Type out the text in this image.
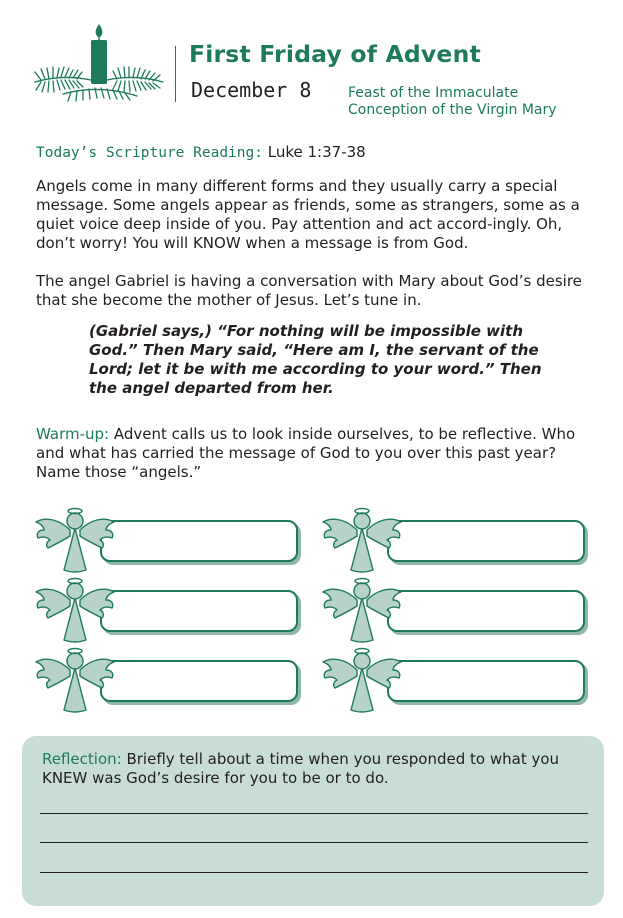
First Friday of Advent
December 8	Feast of the Immaculate Conception of the Virgin Mary
Today’s Scripture Reading: Luke 1:37-38
Angels come in many different forms and they usually carry a special message. Some angels appear as friends, some as strangers, some as a quiet voice deep inside of you. Pay attention and act accord-ingly. Oh, don’t worry! You will KNOW when a message is from God.
The angel Gabriel is having a conversation with Mary about God’s desire that she become the mother of Jesus. Let’s tune in.
(Gabriel says,) “For nothing will be impossible with God.” Then Mary said, “Here am I, the servant of the Lord; let it be with me according to your word.” Then the angel departed from her.
Warm-up: Advent calls us to look inside ourselves, to be reflective. Who and what has carried the message of God to you over this past year? Name those “angels.”
Reflection: Briefly tell about a time when you responded to what you KNEW was God’s desire for you to be or to do.
